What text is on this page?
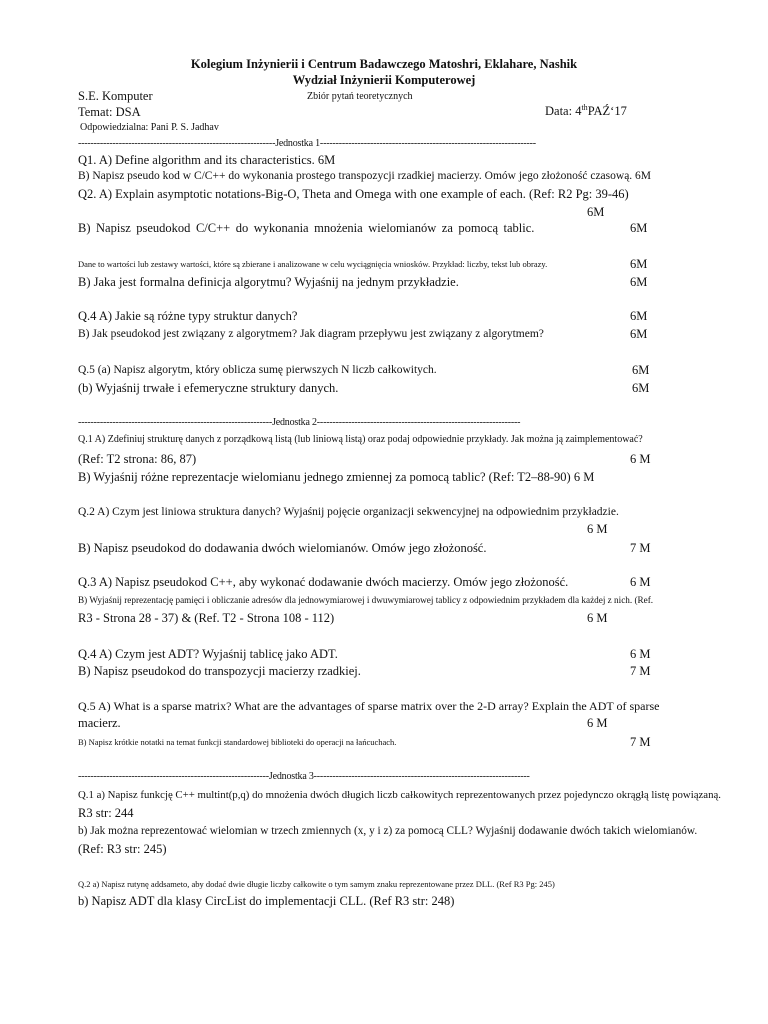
Kolegium Inżynierii i Centrum Badawczego Matoshri, Eklahare, Nashik
Wydział Inżynierii Komputerowej
S.E. Komputer	Zbiór pytań teoretycznych
Temat: DSA	Data: 4thPAŹ‘17
Odpowiedzialna: Pani P. S. Jadhav
---------------------------------------------------------------Jednostka 1---------------------------------------------------------------------
Q1. A) Define algorithm and its characteristics. 6M
B) Napisz pseudo kod w C/C++ do wykonania prostego transpozycji rzadkiej macierzy. Omów jego złożoność czasową. 6M
Q2. A) Explain asymptotic notations-Big-O, Theta and Omega with one example of each. (Ref: R2 Pg: 39-46)
6M
B) Napisz pseudokod C/C++ do wykonania mnożenia wielomianów za pomocą tablic.	6M
Dane to wartości lub zestawy wartości, które są zbierane i analizowane w celu wyciągnięcia wniosków. Przykład: liczby, tekst lub obrazy.	6M
B) Jaka jest formalna definicja algorytmu? Wyjaśnij na jednym przykładzie.	6M
Q.4 A) Jakie są różne typy struktur danych?	6M
B) Jak pseudokod jest związany z algorytmem? Jak diagram przepływu jest związany z algorytmem?	6M
Q.5 (a) Napisz algorytm, który oblicza sumę pierwszych N liczb całkowitych.	6M
(b) Wyjaśnij trwałe i efemeryczne struktury danych.	6M
--------------------------------------------------------------Jednostka 2-----------------------------------------------------------------
Q.1 A) Zdefiniuj strukturę danych z porządkową listą (lub liniową listą) oraz podaj odpowiednie przykłady. Jak można ją zaimplementować?
(Ref: T2 strona: 86, 87)	6 M
B) Wyjaśnij różne reprezentacje wielomianu jednego zmiennej za pomocą tablic? (Ref: T2–88-90) 6 M
Q.2 A) Czym jest liniowa struktura danych? Wyjaśnij pojęcie organizacji sekwencyjnej na odpowiednim przykładzie.
6 M
B) Napisz pseudokod do dodawania dwóch wielomianów. Omów jego złożoność.	7 M
Q.3 A) Napisz pseudokod C++, aby wykonać dodawanie dwóch macierzy. Omów jego złożoność.	6 M
B) Wyjaśnij reprezentację pamięci i obliczanie adresów dla jednowymiarowej i dwuwymiarowej tablicy z odpowiednim przykładem dla każdej z nich. (Ref.
R3 - Strona 28 - 37) & (Ref. T2 - Strona 108 - 112)	6 M
Q.4 A) Czym jest ADT? Wyjaśnij tablicę jako ADT.	6 M
B) Napisz pseudokod do transpozycji macierzy rzadkiej.	7 M
Q.5 A) What is a sparse matrix? What are the advantages of sparse matrix over the 2-D array? Explain the ADT of sparse
macierz.	6 M
B) Napisz krótkie notatki na temat funkcji standardowej biblioteki do operacji na łańcuchach.	7 M
-------------------------------------------------------------Jednostka 3---------------------------------------------------------------------
Q.1 a) Napisz funkcję C++ multint(p,q) do mnożenia dwóch długich liczb całkowitych reprezentowanych przez pojedynczo okrągłą listę powiązaną.
R3 str: 244
b) Jak można reprezentować wielomian w trzech zmiennych (x, y i z) za pomocą CLL? Wyjaśnij dodawanie dwóch takich wielomianów.
(Ref: R3 str: 245)
Q.2 a) Napisz rutynę addsameto, aby dodać dwie długie liczby całkowite o tym samym znaku reprezentowane przez DLL. (Ref R3 Pg: 245)
b) Napisz ADT dla klasy CircList do implementacji CLL. (Ref R3 str: 248)
